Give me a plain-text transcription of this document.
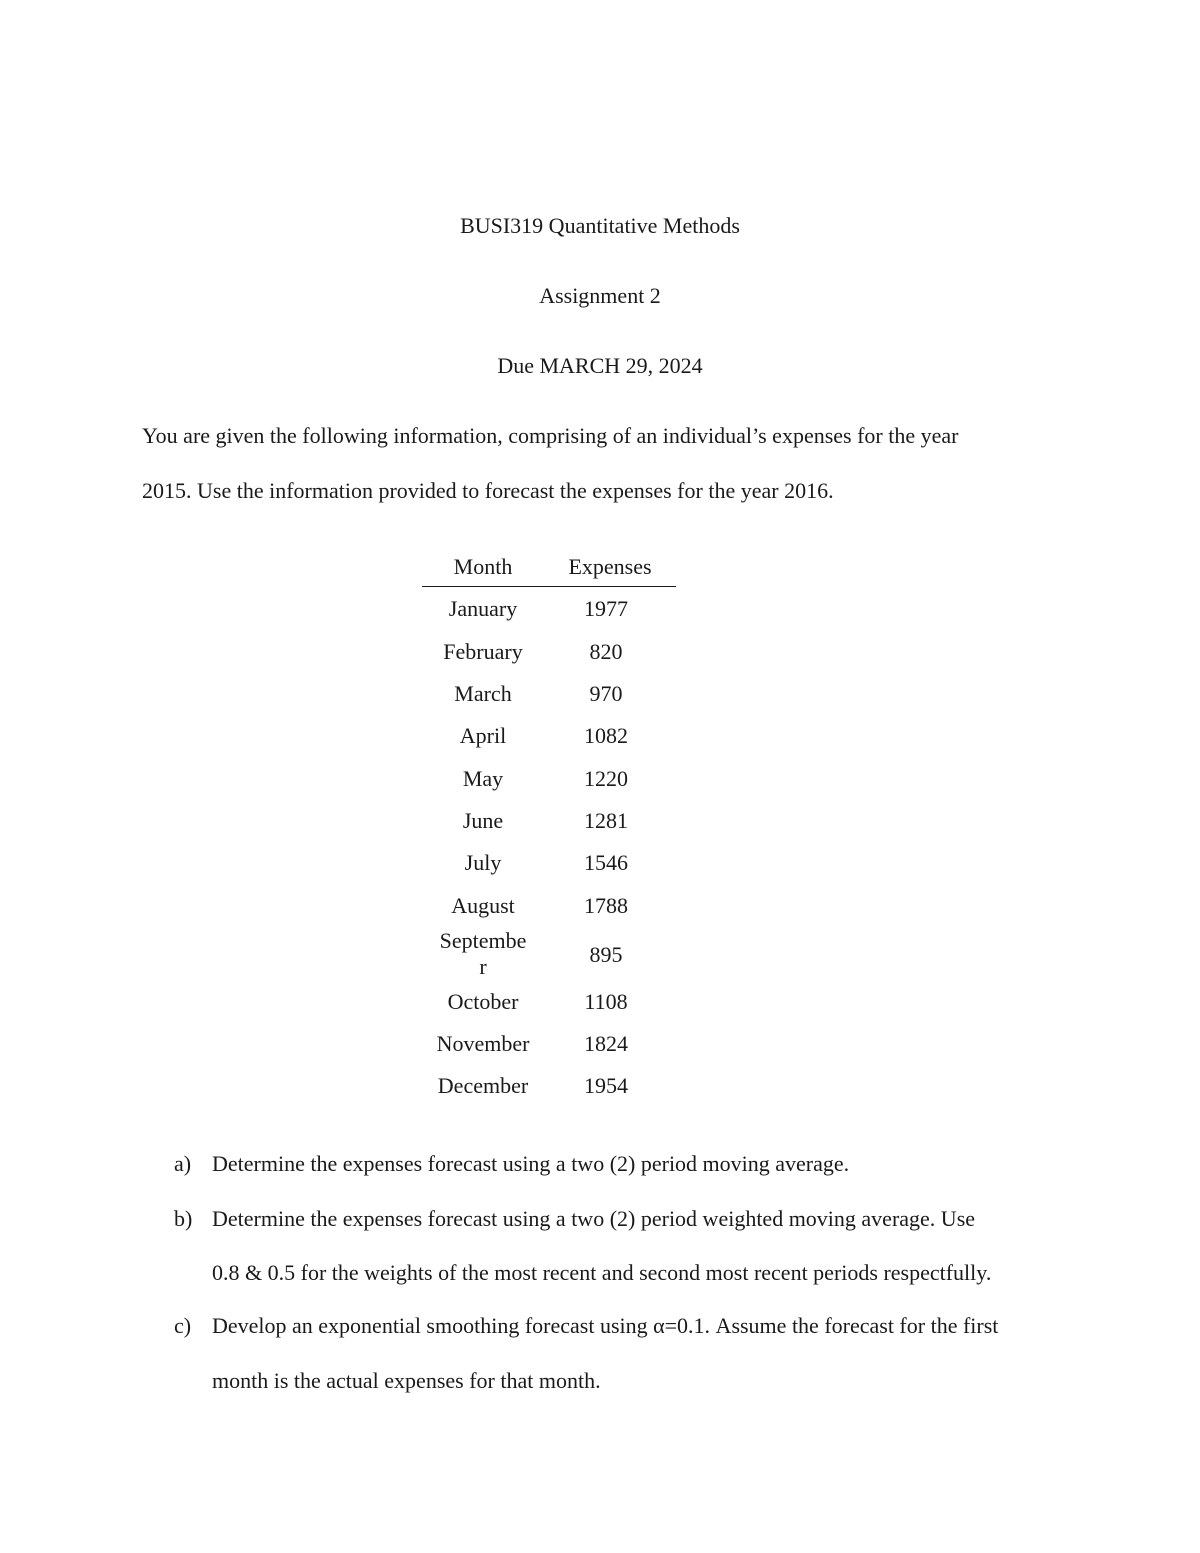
BUSI319 Quantitative Methods
Assignment 2
Due MARCH 29, 2024
You are given the following information, comprising of an individual’s expenses for the year
2015. Use the information provided to forecast the expenses for the year 2016.
Month	Expenses
January	1977
February	820
March	970
April	1082
May	1220
June	1281
July	1546
August	1788
Septembe
r	895
October	1108
November	1824
December	1954
a) Determine the expenses forecast using a two (2) period moving average.
b) Determine the expenses forecast using a two (2) period weighted moving average. Use
0.8 & 0.5 for the weights of the most recent and second most recent periods respectfully.
c) Develop an exponential smoothing forecast using α=0.1. Assume the forecast for the first
month is the actual expenses for that month.
